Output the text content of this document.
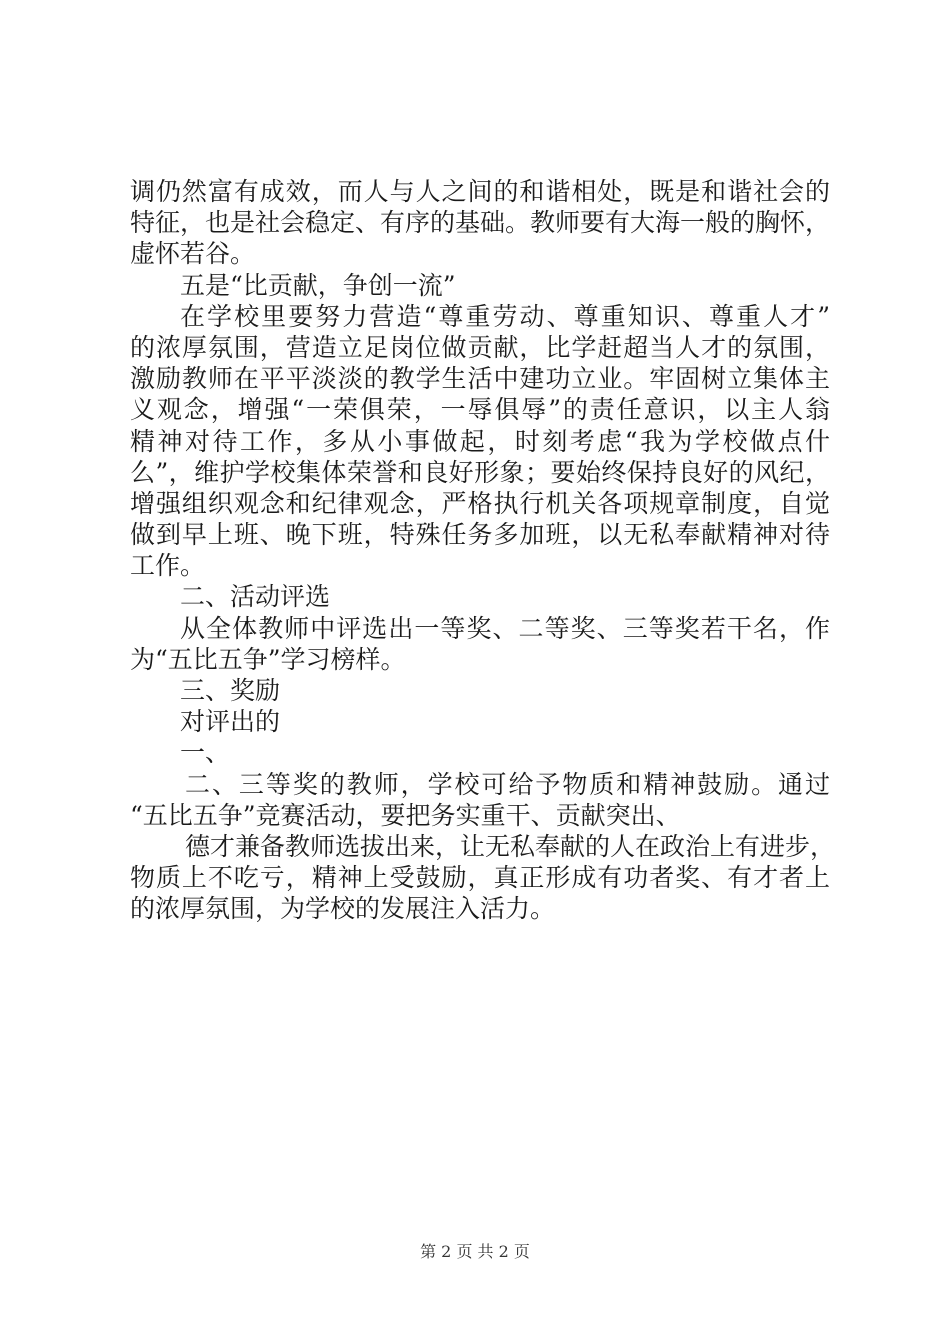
调仍然富有成效，而人与人之间的和谐相处，既是和谐社会的
特征，也是社会稳定、有序的基础。教师要有大海一般的胸怀，
虚怀若谷。
五是“比贡献，争创一流”
在学校里要努力营造“尊重劳动、尊重知识、尊重人才”
的浓厚氛围，营造立足岗位做贡献，比学赶超当人才的氛围，
激励教师在平平淡淡的教学生活中建功立业。牢固树立集体主
义观念，增强“一荣俱荣，一辱俱辱”的责任意识，以主人翁
精神对待工作，多从小事做起，时刻考虑“我为学校做点什
么”，维护学校集体荣誉和良好形象；要始终保持良好的风纪，
增强组织观念和纪律观念，严格执行机关各项规章制度，自觉
做到早上班、晚下班，特殊任务多加班，以无私奉献精神对待
工作。
二、活动评选
从全体教师中评选出一等奖、二等奖、三等奖若干名，作
为“五比五争”学习榜样。
三、奖励
对评出的
一、
二、三等奖的教师，学校可给予物质和精神鼓励。通过
“五比五争”竞赛活动，要把务实重干、贡献突出、
德才兼备教师选拔出来，让无私奉献的人在政治上有进步，
物质上不吃亏，精神上受鼓励，真正形成有功者奖、有才者上
的浓厚氛围，为学校的发展注入活力。
第 2 页 共 2 页
